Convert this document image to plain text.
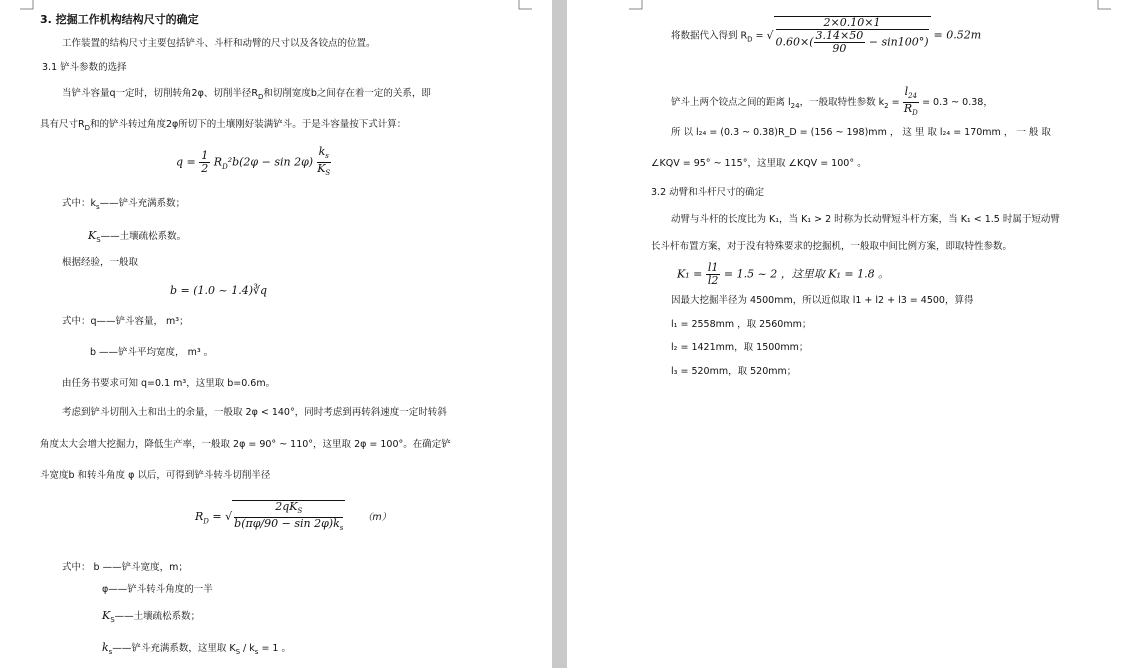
3. 挖掘工作机构结构尺寸的确定
工作装置的结构尺寸主要包括铲斗、斗杆和动臂的尺寸以及各铰点的位置。
3.1 铲斗参数的选择
当铲斗容量q一定时，切削转角2φ、切削半径$R_D$和切削宽度b之间存在着一定的关系，即
具有尺寸$R_D$和的铲斗转过角度2φ所切下的土壤刚好装满铲斗。于是斗容量按下式计算：
$q = \frac{1}{2} R_D^2b(2\varphi - \sin 2\varphi) \frac{k_s}{K_S}$
式中：$k_s——$铲斗充满系数；
$K_S——$土壤疏松系数。
根据经验，一般取
b = (1.0 ~ 1.4)∛q
式中：q——铲斗容量， m³；
b ——铲斗平均宽度， m³ 。
由任务书要求可知 q=0.1 m³，这里取 b=0.6m。
考虑到铲斗切削入土和出土的余量，一般取 2φ < 140°，同时考虑到再转斜速度一定时转斜
角度太大会增大挖掘力，降低生产率，一般取 2φ = 90° ~ 110°，这里取 2φ = 100°。在确定铲
斗宽度b 和转斗角度 φ 以后，可得到铲斗转斗切削半径
$R_D$ = √ $\frac{2qK_S}{b(\pi\varphi/90 - \sin 2\varphi)k_s} (m)$
式中： b ——铲斗宽度，m；
φ——铲斗转斗角度的一半
$K_S——$土壤疏松系数；
$k_s——$铲斗充满系数，这里取 $K_S / k_s = 1$ 。
将数据代入得到 $R_D$ = √ $\frac{2\times 0.10\times 1}{0.60\times( \frac{3.14\times 50}{90} - \sin 100^\circ)} = 0.52m$
铲斗上两个铰点之间的距离 $l_{24}$，一般取特性参数 $k_2 = \frac{l_{24}}{R_D} = 0.3$ ~ 0.38，
所 以 l₂₄ = (0.3 ~ 0.38)R_D = (156 ~ 198)mm ， 这 里 取 l₂₄ = 170mm ， 一 般 取
∠KQV = 95° ~ 115°，这里取 ∠KQV = 100° 。
3.2 动臂和斗杆尺寸的确定
动臂与斗杆的长度比为 K₁，当 K₁ > 2 时称为长动臂短斗杆方案，当 K₁ < 1.5 时属于短动臂
长斗杆布置方案，对于没有特殊要求的挖掘机，一般取中间比例方案，即取特性参数。
$K_1 = \frac{l1}{l2} = 1.5$ ~ 2 ，这里取 K₁ = 1.8 。
因最大挖掘半径为 4500mm，所以近似取 l1 + l2 + l3 = 4500，算得
l₁ = 2558mm ，取 2560mm；
l₂ = 1421mm，取 1500mm；
l₃ = 520mm，取 520mm；
